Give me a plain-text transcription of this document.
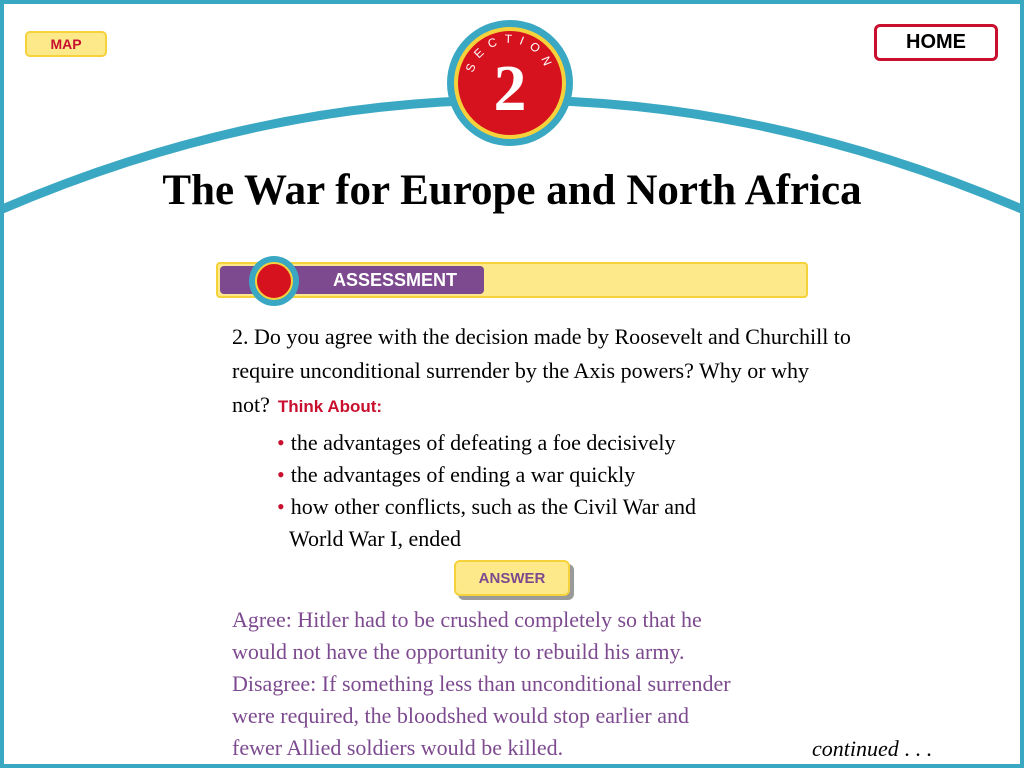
MAP	HOME
SECTION
2
The War for Europe and North Africa
ASSESSMENT
2. Do you agree with the decision made by Roosevelt and Churchill to require unconditional surrender by the Axis powers? Why or why not? Think About:
• the advantages of defeating a foe decisively
• the advantages of ending a war quickly
• how other conflicts, such as the Civil War and
World War I, ended
ANSWER
Agree: Hitler had to be crushed completely so that he
would not have the opportunity to rebuild his army.
Disagree: If something less than unconditional surrender
were required, the bloodshed would stop earlier and
fewer Allied soldiers would be killed.	continued . . .
